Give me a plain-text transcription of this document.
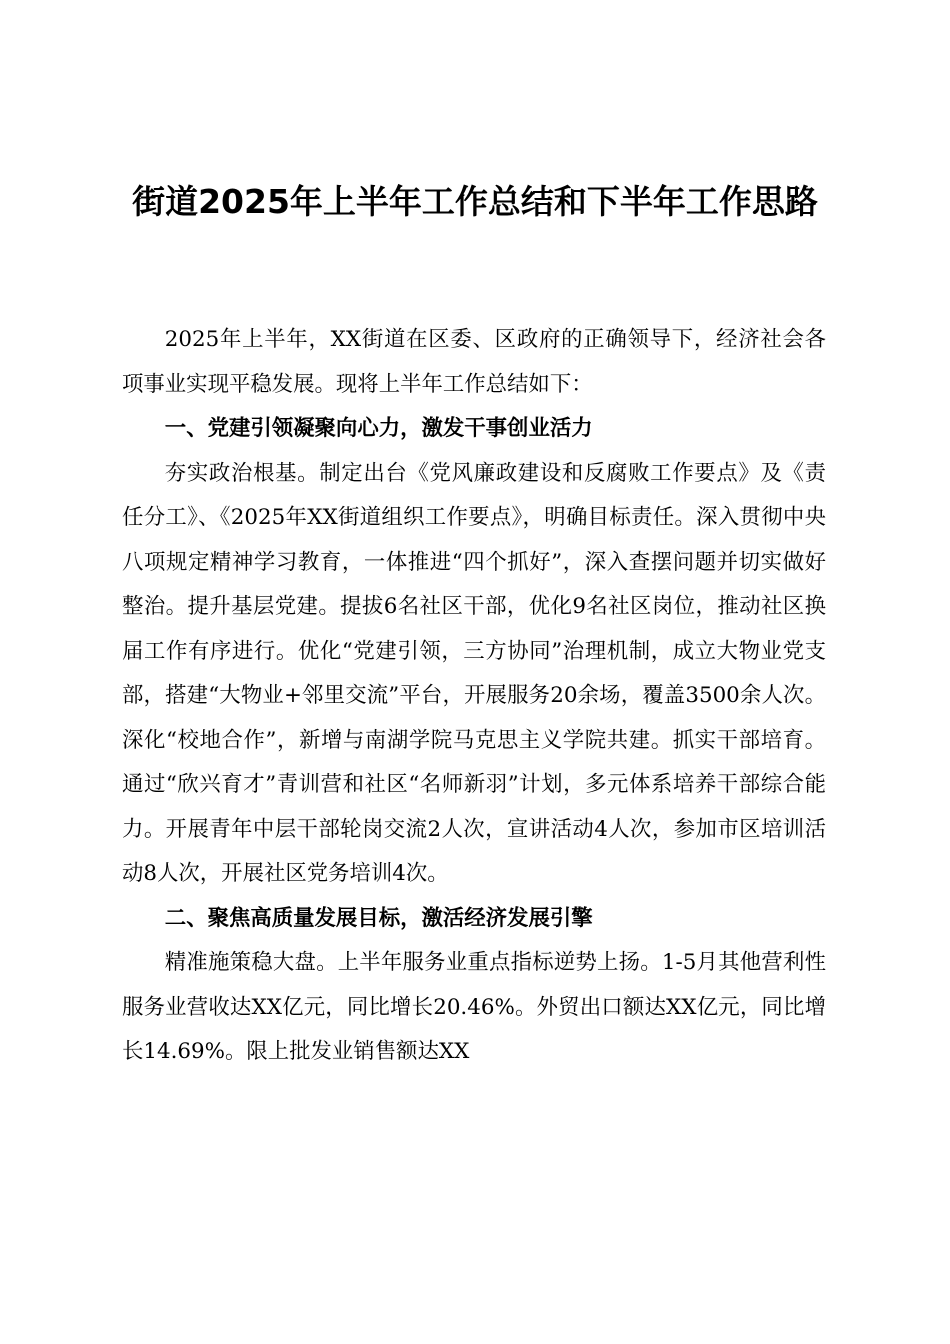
街道2025年上半年工作总结和下半年工作思路

2025年上半年，XX街道在区委、区政府的正确领导下，经济社会各项事业实现平稳发展。现将上半年工作总结如下：

一、党建引领凝聚向心力，激发干事创业活力

夯实政治根基。制定出台《党风廉政建设和反腐败工作要点》及《责任分工》、《2025年XX街道组织工作要点》，明确目标责任。深入贯彻中央八项规定精神学习教育，一体推进“四个抓好”，深入查摆问题并切实做好整治。提升基层党建。提拔6名社区干部，优化9名社区岗位，推动社区换届工作有序进行。优化“党建引领，三方协同”治理机制，成立大物业党支部，搭建“大物业+邻里交流”平台，开展服务20余场，覆盖3500余人次。深化“校地合作”，新增与南湖学院马克思主义学院共建。抓实干部培育。通过“欣兴育才”青训营和社区“名师新羽”计划，多元体系培养干部综合能力。开展青年中层干部轮岗交流2人次，宣讲活动4人次，参加市区培训活动8人次，开展社区党务培训4次。

二、聚焦高质量发展目标，激活经济发展引擎

精准施策稳大盘。上半年服务业重点指标逆势上扬。1-5月其他营利性服务业营收达XX亿元，同比增长20.46%。外贸出口额达XX亿元，同比增长14.69%。限上批发业销售额达XX
